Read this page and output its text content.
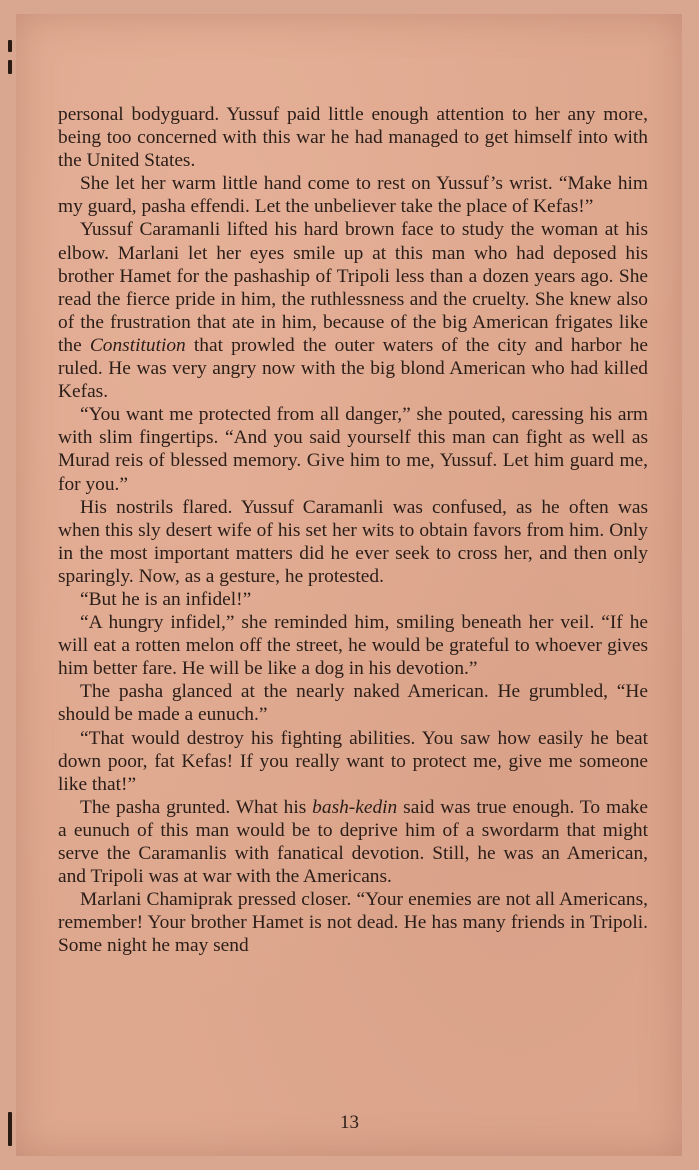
personal bodyguard. Yussuf paid little enough attention to her any more, being too concerned with this war he had managed to get himself into with the United States.

She let her warm little hand come to rest on Yussuf’s wrist. “Make him my guard, pasha effendi. Let the unbeliever take the place of Kefas!”

Yussuf Caramanli lifted his hard brown face to study the woman at his elbow. Marlani let her eyes smile up at this man who had deposed his brother Hamet for the pashaship of Tripoli less than a dozen years ago. She read the fierce pride in him, the ruthlessness and the cruelty. She knew also of the frustration that ate in him, because of the big American frigates like the Constitution that prowled the outer waters of the city and harbor he ruled. He was very angry now with the big blond American who had killed Kefas.

“You want me protected from all danger,” she pouted, caressing his arm with slim fingertips. “And you said yourself this man can fight as well as Murad reis of blessed memory. Give him to me, Yussuf. Let him guard me, for you.”

His nostrils flared. Yussuf Caramanli was confused, as he often was when this sly desert wife of his set her wits to obtain favors from him. Only in the most important matters did he ever seek to cross her, and then only sparingly. Now, as a gesture, he protested.

“But he is an infidel!”

“A hungry infidel,” she reminded him, smiling beneath her veil. “If he will eat a rotten melon off the street, he would be grateful to whoever gives him better fare. He will be like a dog in his devotion.”

The pasha glanced at the nearly naked American. He grumbled, “He should be made a eunuch.”

“That would destroy his fighting abilities. You saw how easily he beat down poor, fat Kefas! If you really want to protect me, give me someone like that!”

The pasha grunted. What his bash-kedin said was true enough. To make a eunuch of this man would be to deprive him of a swordarm that might serve the Caramanlis with fanatical devotion. Still, he was an American, and Tripoli was at war with the Americans.

Marlani Chamiprak pressed closer. “Your enemies are not all Americans, remember! Your brother Hamet is not dead. He has many friends in Tripoli. Some night he may send

13
